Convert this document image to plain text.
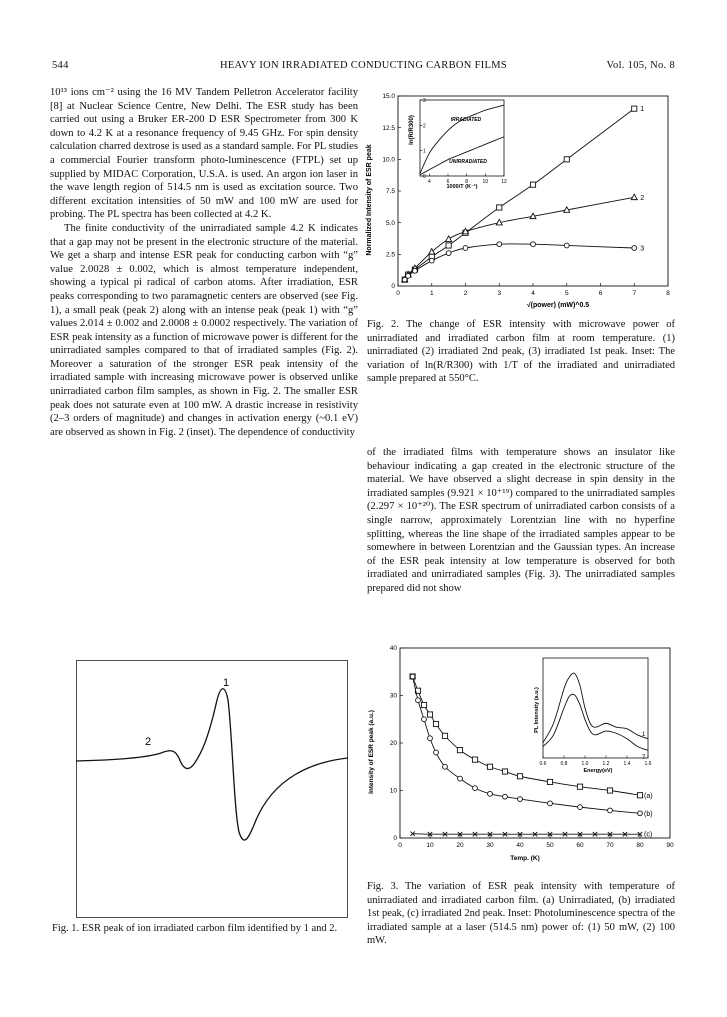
544	HEAVY ION IRRADIATED CONDUCTING CARBON FILMS	Vol. 105, No. 8

10¹³ ions cm⁻² using the 16 MV Tandem Pelletron Accelerator facility [8] at Nuclear Science Centre, New Delhi. The ESR study has been carried out using a Bruker ER-200 D ESR Spectrometer from 300 K down to 4.2 K at a resonance frequency of 9.45 GHz. For spin density calculation charred dextrose is used as a standard sample. For PL studies a commercial Fourier transform photo-luminescence (FTPL) set up supplied by MIDAC Corporation, U.S.A. is used. An argon ion laser in the wave length region of 514.5 nm is used as excitation source. Two different excitation intensities of 50 mW and 100 mW are used for probing. The PL spectra has been collected at 4.2 K.

The finite conductivity of the unirradiated sample 4.2 K indicates that a gap may not be present in the electronic structure of the material. We get a sharp and intense ESR peak for conducting carbon with “g” value 2.0028 ± 0.002, which is almost temperature independent, showing a typical pi radical of carbon atoms. After irradiation, ESR peaks corresponding to two paramagnetic centers are observed (see Fig. 1), a small peak (peak 2) along with an intense peak (peak 1) with “g” values 2.014 ± 0.002 and 2.0008 ± 0.0002 respectively. The variation of ESR peak intensity as a function of microwave power is different for the unirradiated samples compared to that of irradiated samples (Fig. 2). Moreover a saturation of the stronger ESR peak intensity of the irradiated sample with increasing microwave power is observed unlike unirradiated carbon film samples, as shown in Fig. 2. The smaller ESR peak does not saturate even at 100 mW. A drastic increase in resistivity (2–3 orders of magnitude) and changes in activation energy (~0.1 eV) are observed as shown in Fig. 2 (inset). The dependence of conductivity

0	1	2	3	4	5	6	7	8
0
2.5
5.0
7.5
10.0
12.5
15.0
1
2
3
Normalized Intensity of ESR peak
√(power) (mW)^0.5
4	6	8	10	12
0
1
2
3
ln(R/R300)
1000/T (K⁻¹)
IRRADIATED
UNIRRADIATED
Fig. 2. The change of ESR intensity with microwave power of unirradiated and irradiated carbon film at room temperature. (1) unirradiated (2) irradiated 2nd peak, (3) irradiated 1st peak. Inset: The variation of ln(R/R300) with 1/T of the irradiated and unirradiated sample prepared at 550°C.

of the irradiated films with temperature shows an insulator like behaviour indicating a gap created in the electronic structure of the material. We have observed a slight decrease in spin density in the irradiated samples (9.921 × 10⁺¹⁹) compared to the unirradiated samples (2.297 × 10⁺²⁰). The ESR spectrum of unirradiated carbon consists of a single narrow, approximately Lorentzian line with no hyperfine splitting, whereas the line shape of the irradiated samples appear to be somewhere in between Lorentzian and the Gaussian types. An increase of the ESR peak intensity at low temperature is observed for both irradiated and unirradiated samples (Fig. 3). The unirradiated samples prepared did not show

1
2
Fig. 1. ESR peak of ion irradiated carbon film identified by 1 and 2.
0	10	20	30	40	50	60	70	80	90
0
10
20
30
40
(a)
(b)
(c)
Intensity of ESR peak (a.u.)
Temp. (K)
0.6	0.8	1.0	1.2	1.4	1.6
1
2
PL Intensity (a.u.)
Energy(eV)
Fig. 3. The variation of ESR peak intensity with temperature of unirradiated and irradiated carbon film. (a) Unirradiated, (b) irradiated 1st peak, (c) irradiated 2nd peak. Inset: Photoluminescence spectra of the irradiated sample at a laser (514.5 nm) power of: (1) 50 mW, (2) 100 mW.
